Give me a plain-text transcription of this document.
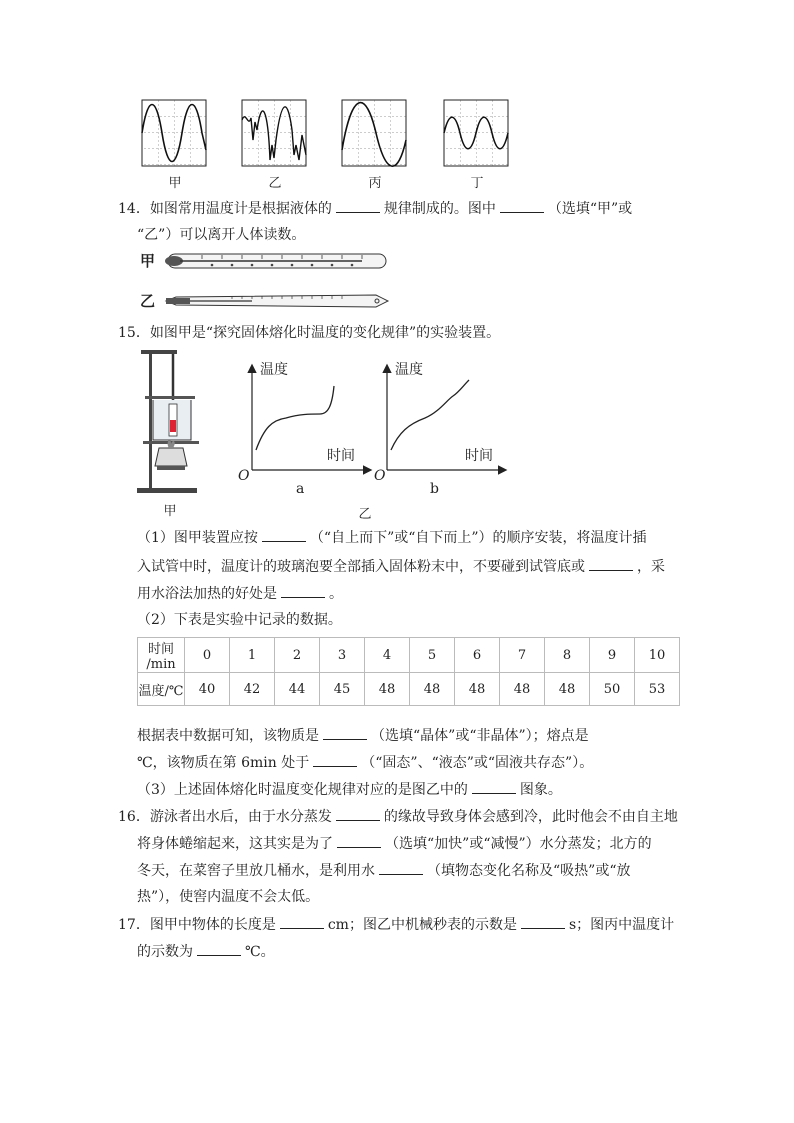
甲	乙	丙	丁
14．如图常用温度计是根据液体的	规律制成的。图中	（选填“甲”或
“乙”）可以离开人体读数。
甲
乙
15．如图甲是“探究固体熔化时温度的变化规律”的实验装置。
甲
温度
时间
O
a
温度
时间
O
b
乙
（1）图甲装置应按	（“自上而下”或“自下而上”）的顺序安装，将温度计插
入试管中时，温度计的玻璃泡要全部插入固体粉末中，不要碰到试管底或	，采
用水浴法加热的好处是	。
（2）下表是实验中记录的数据。
时间
/min	0	1	2	3	4	5	6	7	8	9	10
温度/℃	40	42	44	45	48	48	48	48	48	50	53
根据表中数据可知，该物质是	（选填“晶体”或“非晶体”）；熔点是
℃，该物质在第 6min 处于	（“固态”、“液态”或“固液共存态”）。
（3）上述固体熔化时温度变化规律对应的是图乙中的	图象。
16．游泳者出水后，由于水分蒸发	的缘故导致身体会感到冷，此时他会不由自主地
将身体蜷缩起来，这其实是为了	（选填“加快”或“减慢”）水分蒸发；北方的
冬天，在菜窖子里放几桶水，是利用水	（填物态变化名称及“吸热”或“放
热”），使窖内温度不会太低。
17．图甲中物体的长度是	cm；图乙中机械秒表的示数是	s；图丙中温度计
的示数为	℃。
